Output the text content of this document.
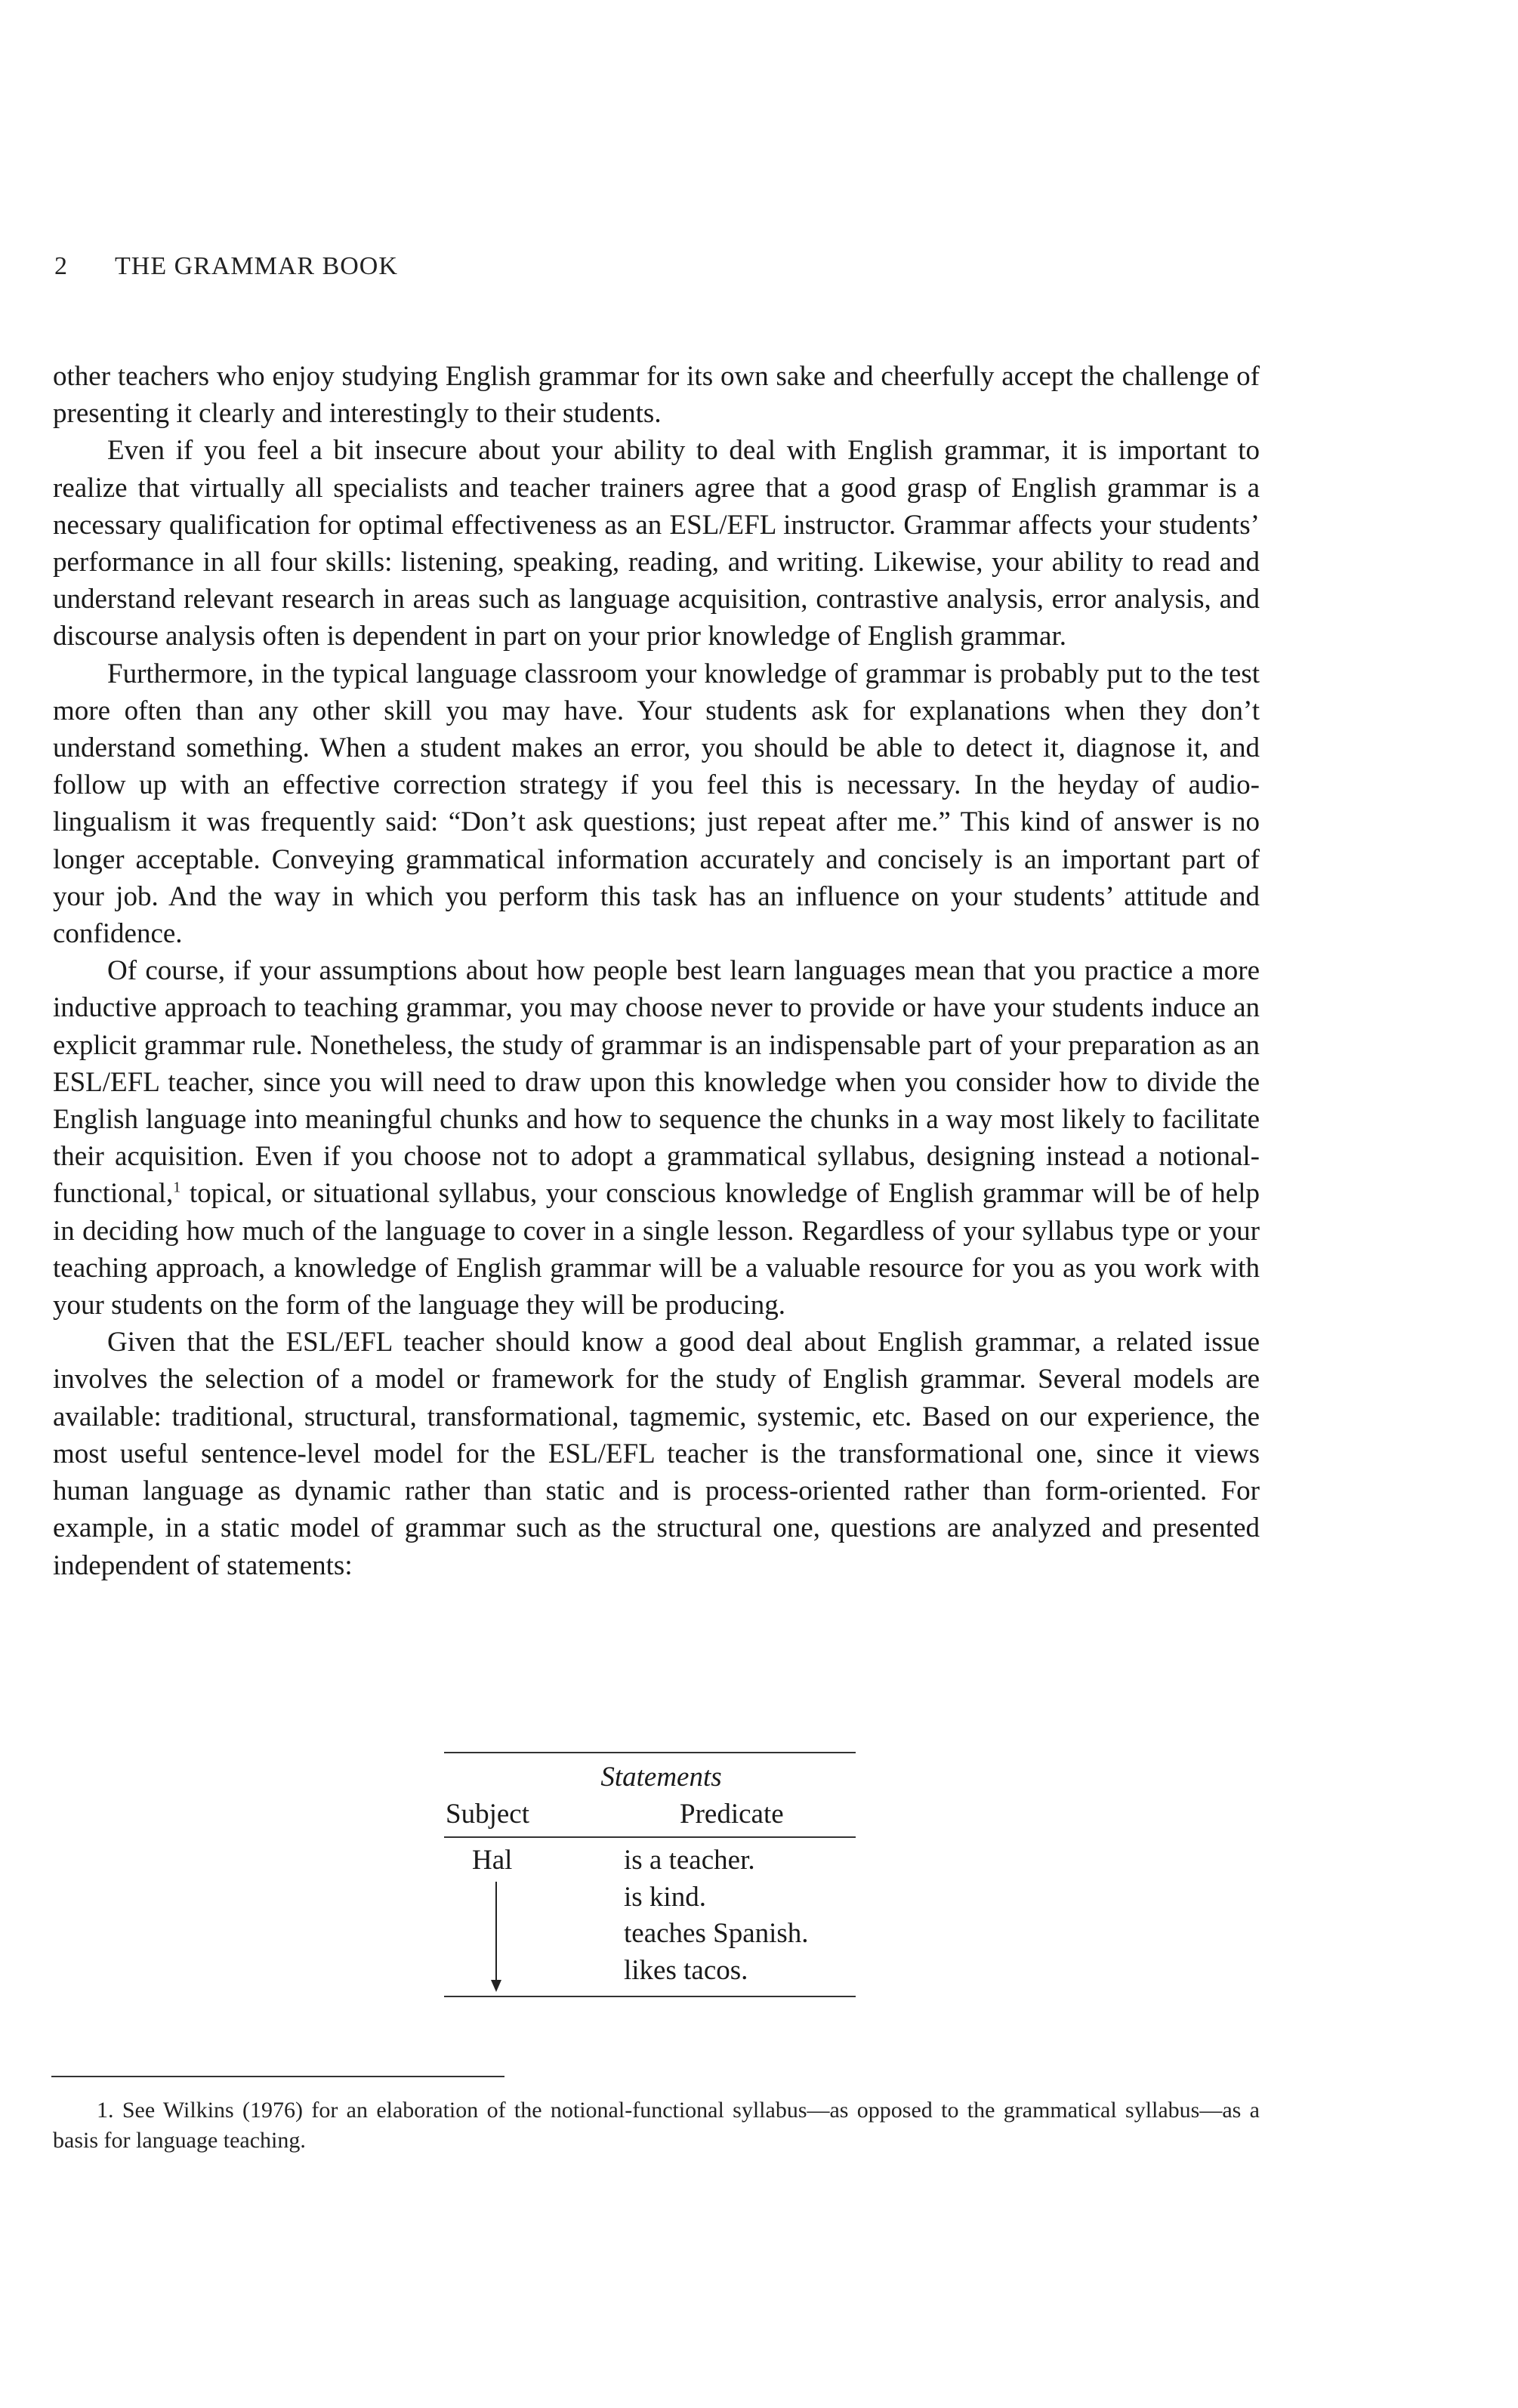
2 THE GRAMMAR BOOK

other teachers who enjoy studying English grammar for its own sake and cheerfully accept the challenge of presenting it clearly and interestingly to their students.

Even if you feel a bit insecure about your ability to deal with English grammar, it is important to realize that virtually all specialists and teacher trainers agree that a good grasp of English grammar is a necessary qualification for optimal effectiveness as an ESL/EFL instructor. Grammar affects your students’ performance in all four skills: listening, speaking, reading, and writing. Likewise, your ability to read and understand relevant research in areas such as language acquisition, contrastive analysis, error analysis, and discourse analysis often is dependent in part on your prior knowledge of English grammar.

Furthermore, in the typical language classroom your knowledge of grammar is probably put to the test more often than any other skill you may have. Your students ask for explanations when they don’t understand something. When a student makes an error, you should be able to detect it, diagnose it, and follow up with an effective correction strategy if you feel this is necessary. In the heyday of audio-lingualism it was frequently said: “Don’t ask questions; just repeat after me.” This kind of answer is no longer acceptable. Conveying grammatical information accurately and concisely is an important part of your job. And the way in which you perform this task has an influence on your students’ attitude and confidence.

Of course, if your assumptions about how people best learn languages mean that you practice a more inductive approach to teaching grammar, you may choose never to provide or have your students induce an explicit grammar rule. Nonetheless, the study of grammar is an indispensable part of your preparation as an ESL/EFL teacher, since you will need to draw upon this knowledge when you consider how to divide the English language into meaningful chunks and how to sequence the chunks in a way most likely to facilitate their acquisition. Even if you choose not to adopt a grammatical syllabus, designing instead a notional-functional,$^1$ topical, or situational syllabus, your conscious knowledge of English grammar will be of help in deciding how much of the language to cover in a single lesson. Regardless of your syllabus type or your teaching approach, a knowledge of English grammar will be a valuable resource for you as you work with your students on the form of the language they will be producing.

Given that the ESL/EFL teacher should know a good deal about English grammar, a related issue involves the selection of a model or framework for the study of English grammar. Several models are available: traditional, structural, transformational, tagmemic, systemic, etc. Based on our experience, the most useful sentence-level model for the ESL/EFL teacher is the transformational one, since it views human language as dynamic rather than static and is process-oriented rather than form-oriented. For example, in a static model of grammar such as the structural one, questions are analyzed and presented independent of statements:

Statements
Subject	Predicate
Hal	is a teacher.
is kind.
teaches Spanish.
likes tacos.

1. See Wilkins (1976) for an elaboration of the notional-functional syllabus—as opposed to the grammatical syllabus—as a basis for language teaching.
